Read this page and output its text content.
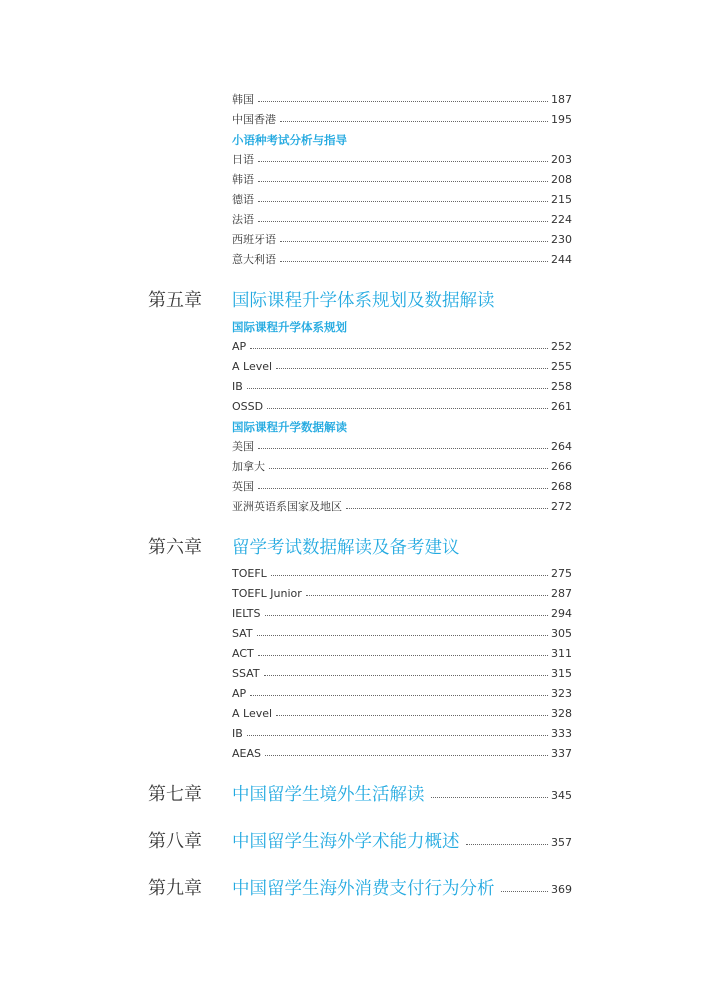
韩国	187
中国香港	195
小语种考试分析与指导
日语	203
韩语	208
德语	215
法语	224
西班牙语	230
意大利语	244
第五章 国际课程升学体系规划及数据解读
国际课程升学体系规划
AP	252
A Level	255
IB	258
OSSD	261
国际课程升学数据解读
美国	264
加拿大	266
英国	268
亚洲英语系国家及地区	272
第六章 留学考试数据解读及备考建议
TOEFL	275
TOEFL Junior	287
IELTS	294
SAT	305
ACT	311
SSAT	315
AP	323
A Level	328
IB	333
AEAS	337
第七章 中国留学生境外生活解读	345
第八章 中国留学生海外学术能力概述	357
第九章 中国留学生海外消费支付行为分析	369
